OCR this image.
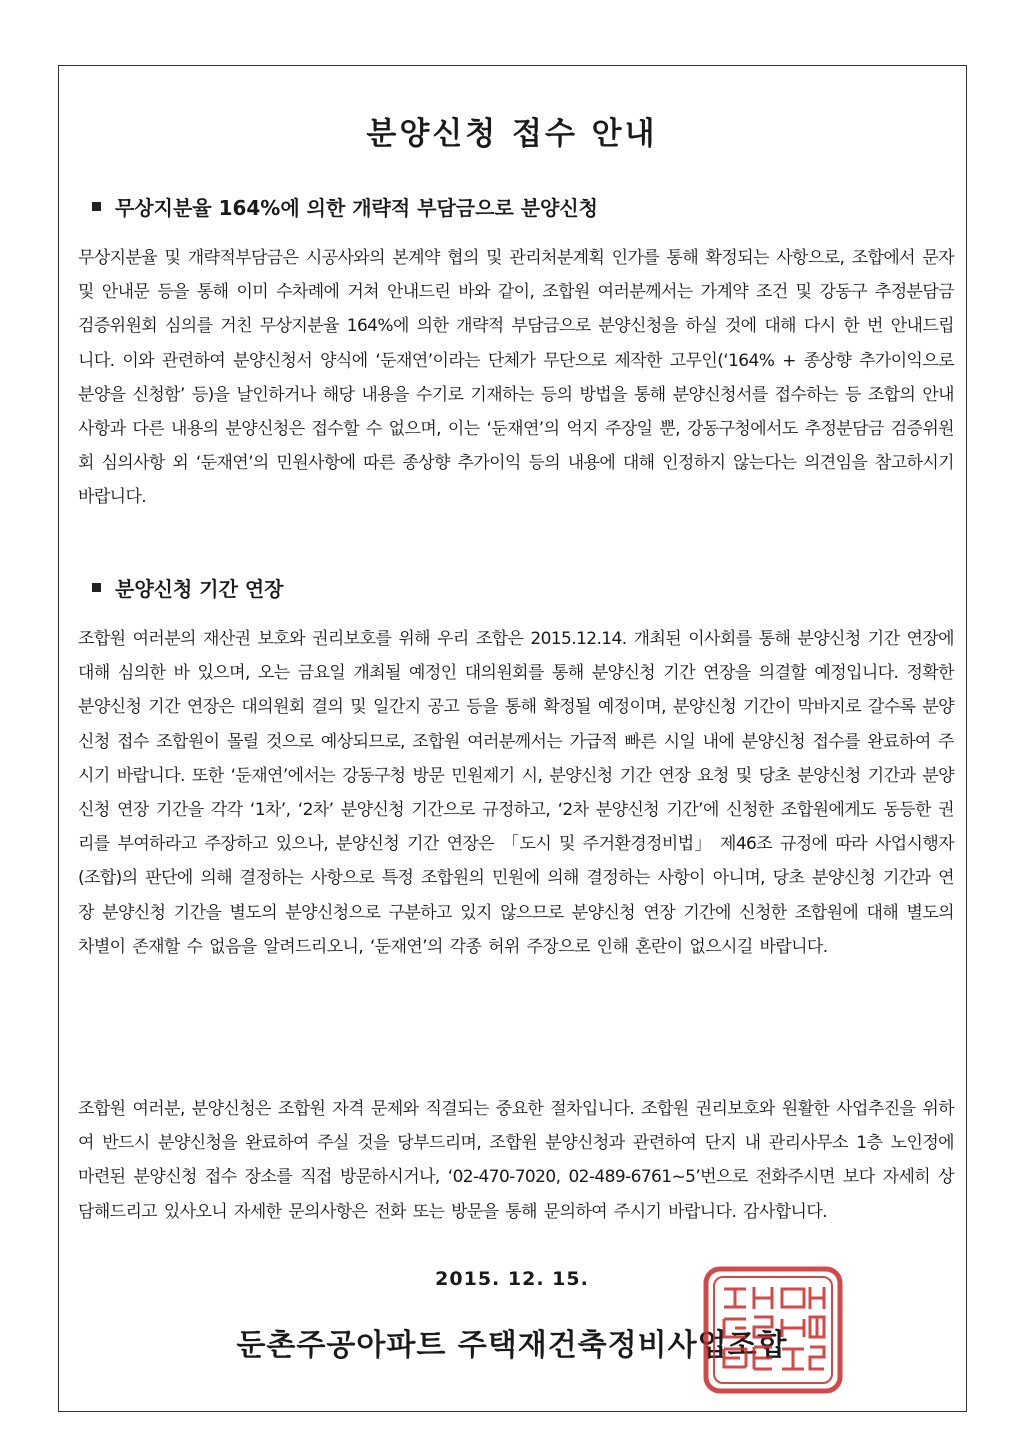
분양신청 접수 안내
무상지분율 164%에 의한 개략적 부담금으로 분양신청

무상지분율 및 개략적부담금은 시공사와의 본계약 협의 및 관리처분계획 인가를 통해 확정되는 사항으로, 조합에서 문자 및 안내문 등을 통해 이미 수차례에 거쳐 안내드린 바와 같이, 조합원 여러분께서는 가계약 조건 및 강동구 추정분담금 검증위원회 심의를 거친 무상지분율 164%에 의한 개략적 부담금으로 분양신청을 하실 것에 대해 다시 한 번 안내드립니다. 이와 관련하여 분양신청서 양식에 ‘둔재연’이라는 단체가 무단으로 제작한 고무인(‘164% + 종상향 추가이익으로 분양을 신청함’ 등)을 날인하거나 해당 내용을 수기로 기재하는 등의 방법을 통해 분양신청서를 접수하는 등 조합의 안내사항과 다른 내용의 분양신청은 접수할 수 없으며, 이는 ‘둔재연’의 억지 주장일 뿐, 강동구청에서도 추정분담금 검증위원회 심의사항 외 ‘둔재연’의 민원사항에 따른 종상향 추가이익 등의 내용에 대해 인정하지 않는다는 의견임을 참고하시기 바랍니다.

분양신청 기간 연장

조합원 여러분의 재산권 보호와 권리보호를 위해 우리 조합은 2015.12.14. 개최된 이사회를 통해 분양신청 기간 연장에 대해 심의한 바 있으며, 오는 금요일 개최될 예정인 대의원회를 통해 분양신청 기간 연장을 의결할 예정입니다. 정확한 분양신청 기간 연장은 대의원회 결의 및 일간지 공고 등을 통해 확정될 예정이며, 분양신청 기간이 막바지로 갈수록 분양신청 접수 조합원이 몰릴 것으로 예상되므로, 조합원 여러분께서는 가급적 빠른 시일 내에 분양신청 접수를 완료하여 주시기 바랍니다. 또한 ‘둔재연’에서는 강동구청 방문 민원제기 시, 분양신청 기간 연장 요청 및 당초 분양신청 기간과 분양신청 연장 기간을 각각 ‘1차’, ‘2차’ 분양신청 기간으로 규정하고, ‘2차 분양신청 기간’에 신청한 조합원에게도 동등한 권리를 부여하라고 주장하고 있으나, 분양신청 기간 연장은 「도시 및 주거환경정비법」 제46조 규정에 따라 사업시행자(조합)의 판단에 의해 결정하는 사항으로 특정 조합원의 민원에 의해 결정하는 사항이 아니며, 당초 분양신청 기간과 연장 분양신청 기간을 별도의 분양신청으로 구분하고 있지 않으므로 분양신청 연장 기간에 신청한 조합원에 대해 별도의 차별이 존재할 수 없음을 알려드리오니, ‘둔재연’의 각종 허위 주장으로 인해 혼란이 없으시길 바랍니다.

조합원 여러분, 분양신청은 조합원 자격 문제와 직결되는 중요한 절차입니다. 조합원 권리보호와 원활한 사업추진을 위하여 반드시 분양신청을 완료하여 주실 것을 당부드리며, 조합원 분양신청과 관련하여 단지 내 관리사무소 1층 노인정에 마련된 분양신청 접수 장소를 직접 방문하시거나, ‘02-470-7020, 02-489-6761~5’번으로 전화주시면 보다 자세히 상담해드리고 있사오니 자세한 문의사항은 전화 또는 방문을 통해 문의하여 주시기 바랍니다. 감사합니다.

2015. 12. 15.

둔촌주공아파트 주택재건축정비사업조합
